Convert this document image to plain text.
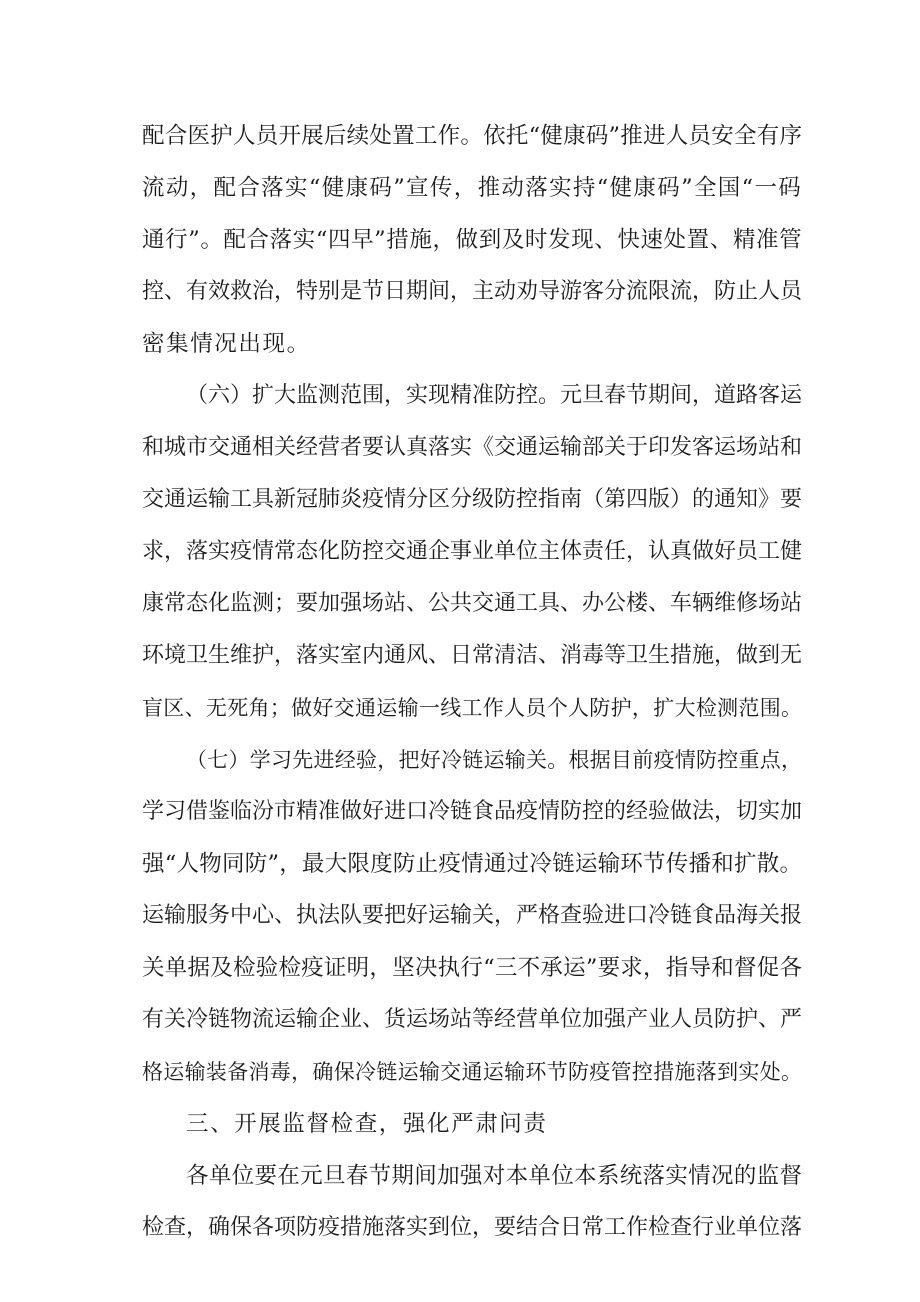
配合医护人员开展后续处置工作。依托“健康码”推进人员安全有序
流动，配合落实“健康码”宣传，推动落实持“健康码”全国“一码
通行”。配合落实“四早”措施，做到及时发现、快速处置、精准管
控、有效救治，特别是节日期间，主动劝导游客分流限流，防止人员
密集情况出现。
（六）扩大监测范围，实现精准防控。元旦春节期间，道路客运
和城市交通相关经营者要认真落实《交通运输部关于印发客运场站和
交通运输工具新冠肺炎疫情分区分级防控指南（第四版）的通知》要
求，落实疫情常态化防控交通企事业单位主体责任，认真做好员工健
康常态化监测；要加强场站、公共交通工具、办公楼、车辆维修场站
环境卫生维护，落实室内通风、日常清洁、消毒等卫生措施，做到无
盲区、无死角；做好交通运输一线工作人员个人防护，扩大检测范围。
（七）学习先进经验，把好冷链运输关。根据目前疫情防控重点，
学习借鉴临汾市精准做好进口冷链食品疫情防控的经验做法，切实加
强“人物同防”，最大限度防止疫情通过冷链运输环节传播和扩散。
运输服务中心、执法队要把好运输关，严格查验进口冷链食品海关报
关单据及检验检疫证明，坚决执行“三不承运”要求，指导和督促各
有关冷链物流运输企业、货运场站等经营单位加强产业人员防护、严
格运输装备消毒，确保冷链运输交通运输环节防疫管控措施落到实处。
三、开展监督检查，强化严肃问责
各单位要在元旦春节期间加强对本单位本系统落实情况的监督
检查，确保各项防疫措施落实到位，要结合日常工作检查行业单位落
